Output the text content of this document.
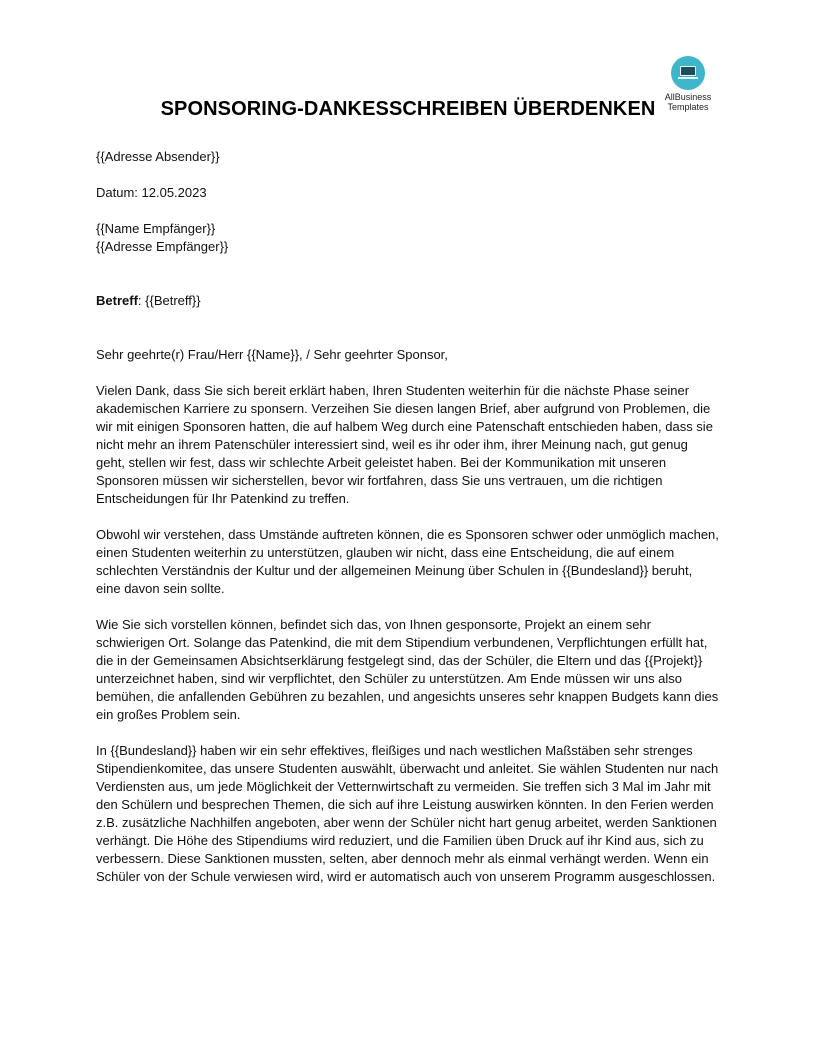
AllBusiness
Templates
SPONSORING-DANKESSCHREIBEN ÜBERDENKEN
{{Adresse Absender}}
Datum: 12.05.2023
{{Name Empfänger}}
{{Adresse Empfänger}}
Betreff: {{Betreff}}

Sehr geehrte(r) Frau/Herr {{Name}}, / Sehr geehrter Sponsor,

Vielen Dank, dass Sie sich bereit erklärt haben, Ihren Studenten weiterhin für die nächste Phase seiner akademischen Karriere zu sponsern. Verzeihen Sie diesen langen Brief, aber aufgrund von Problemen, die wir mit einigen Sponsoren hatten, die auf halbem Weg durch eine Patenschaft entschieden haben, dass sie nicht mehr an ihrem Patenschüler interessiert sind, weil es ihr oder ihm, ihrer Meinung nach, gut genug geht, stellen wir fest, dass wir schlechte Arbeit geleistet haben. Bei der Kommunikation mit unseren Sponsoren müssen wir sicherstellen, bevor wir fortfahren, dass Sie uns vertrauen, um die richtigen Entscheidungen für Ihr Patenkind zu treffen.

Obwohl wir verstehen, dass Umstände auftreten können, die es Sponsoren schwer oder unmöglich machen, einen Studenten weiterhin zu unterstützen, glauben wir nicht, dass eine Entscheidung, die auf einem schlechten Verständnis der Kultur und der allgemeinen Meinung über Schulen in {{Bundesland}} beruht, eine davon sein sollte.

Wie Sie sich vorstellen können, befindet sich das, von Ihnen gesponsorte, Projekt an einem sehr schwierigen Ort. Solange das Patenkind, die mit dem Stipendium verbundenen, Verpflichtungen erfüllt hat, die in der Gemeinsamen Absichtserklärung festgelegt sind, das der Schüler, die Eltern und das {{Projekt}} unterzeichnet haben, sind wir verpflichtet, den Schüler zu unterstützen. Am Ende müssen wir uns also bemühen, die anfallenden Gebühren zu bezahlen, und angesichts unseres sehr knappen Budgets kann dies ein großes Problem sein.

In {{Bundesland}} haben wir ein sehr effektives, fleißiges und nach westlichen Maßstäben sehr strenges Stipendienkomitee, das unsere Studenten auswählt, überwacht und anleitet. Sie wählen Studenten nur nach Verdiensten aus, um jede Möglichkeit der Vetternwirtschaft zu vermeiden. Sie treffen sich 3 Mal im Jahr mit den Schülern und besprechen Themen, die sich auf ihre Leistung auswirken könnten. In den Ferien werden z.B. zusätzliche Nachhilfen angeboten, aber wenn der Schüler nicht hart genug arbeitet, werden Sanktionen verhängt. Die Höhe des Stipendiums wird reduziert, und die Familien üben Druck auf ihr Kind aus, sich zu verbessern. Diese Sanktionen mussten, selten, aber dennoch mehr als einmal verhängt werden. Wenn ein Schüler von der Schule verwiesen wird, wird er automatisch auch von unserem Programm ausgeschlossen.
